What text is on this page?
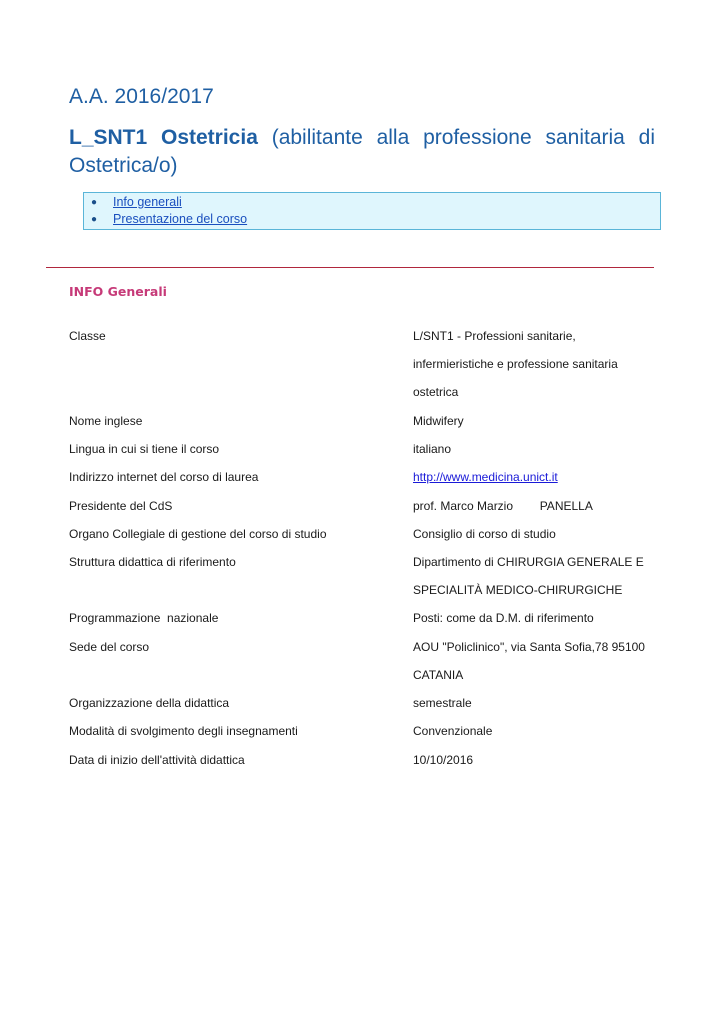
A.A. 2016/2017
L_SNT1 Ostetricia (abilitante alla professione sanitaria di Ostetrica/o)
● Info generali
● Presentazione del corso
INFO Generali
Classe	L/SNT1 - Professioni sanitarie,
infermieristiche e professione sanitaria
ostetrica
Nome inglese	Midwifery
Lingua in cui si tiene il corso	italiano
Indirizzo internet del corso di laurea	http://www.medicina.unict.it
Presidente del CdS	prof. Marco Marzio        PANELLA
Organo Collegiale di gestione del corso di studio	Consiglio di corso di studio
Struttura didattica di riferimento	Dipartimento di CHIRURGIA GENERALE E
SPECIALITÀ MEDICO-CHIRURGICHE
Programmazione  nazionale	Posti: come da D.M. di riferimento
Sede del corso	AOU "Policlinico", via Santa Sofia,78 95100
CATANIA
Organizzazione della didattica	semestrale
Modalità di svolgimento degli insegnamenti	Convenzionale
Data di inizio dell'attività didattica	10/10/2016
